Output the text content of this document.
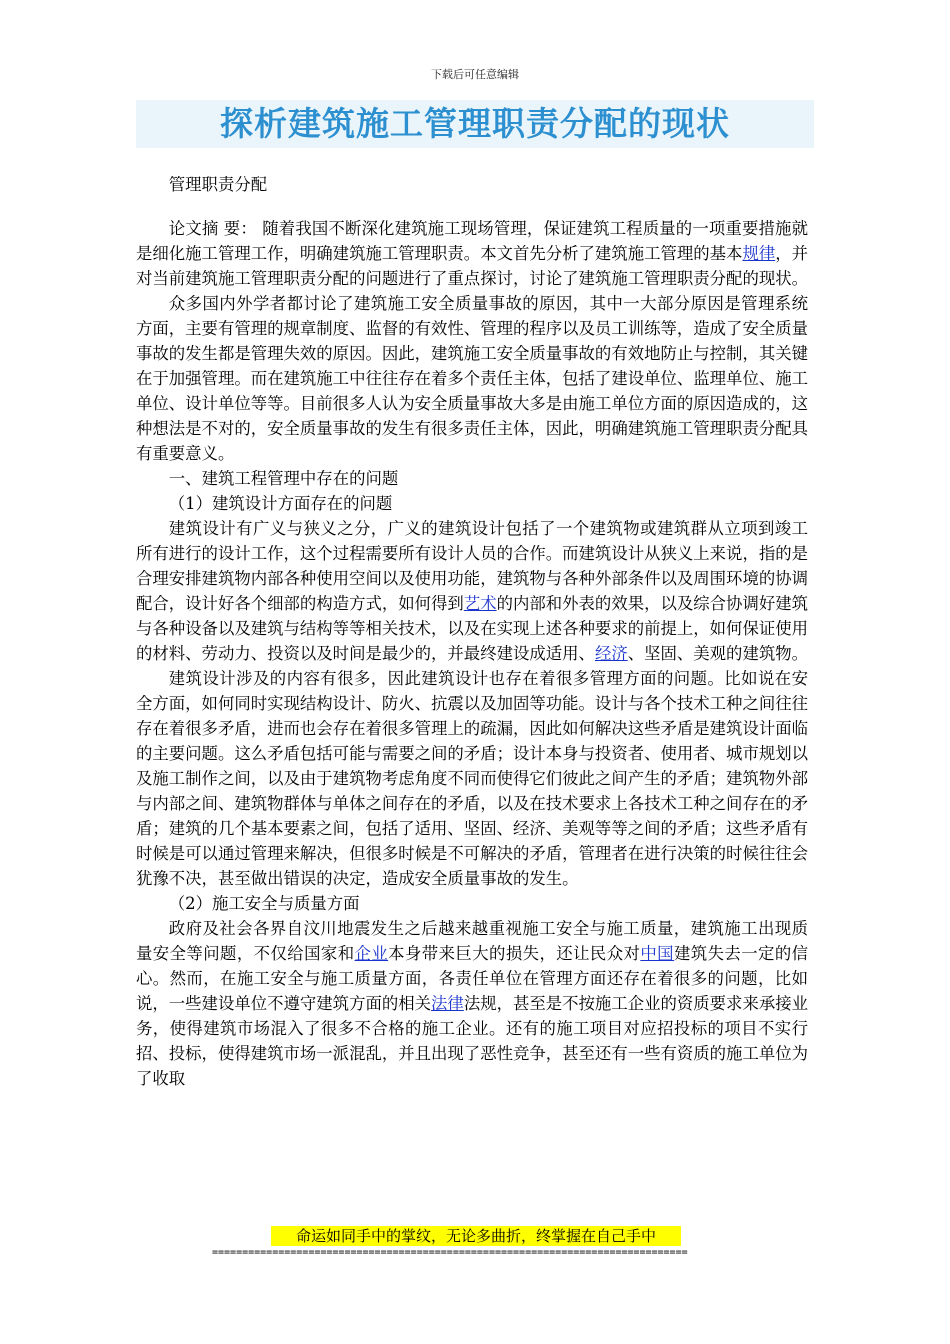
下载后可任意编辑
探析建筑施工管理职责分配的现状

管理职责分配

论文摘 要： 随着我国不断深化建筑施工现场管理，保证建筑工程质量的一项重要措施就是细化施工管理工作，明确建筑施工管理职责。本文首先分析了建筑施工管理的基本规律，并对当前建筑施工管理职责分配的问题进行了重点探讨，讨论了建筑施工管理职责分配的现状。

众多国内外学者都讨论了建筑施工安全质量事故的原因，其中一大部分原因是管理系统方面，主要有管理的规章制度、监督的有效性、管理的程序以及员工训练等，造成了安全质量事故的发生都是管理失效的原因。因此，建筑施工安全质量事故的有效地防止与控制，其关键在于加强管理。而在建筑施工中往往存在着多个责任主体，包括了建设单位、监理单位、施工单位、设计单位等等。目前很多人认为安全质量事故大多是由施工单位方面的原因造成的，这种想法是不对的，安全质量事故的发生有很多责任主体，因此，明确建筑施工管理职责分配具有重要意义。

一、建筑工程管理中存在的问题

（1）建筑设计方面存在的问题

建筑设计有广义与狭义之分，广义的建筑设计包括了一个建筑物或建筑群从立项到竣工所有进行的设计工作，这个过程需要所有设计人员的合作。而建筑设计从狭义上来说，指的是合理安排建筑物内部各种使用空间以及使用功能，建筑物与各种外部条件以及周围环境的协调配合，设计好各个细部的构造方式，如何得到艺术的内部和外表的效果，以及综合协调好建筑与各种设备以及建筑与结构等等相关技术，以及在实现上述各种要求的前提上，如何保证使用的材料、劳动力、投资以及时间是最少的，并最终建设成适用、经济、坚固、美观的建筑物。

建筑设计涉及的内容有很多，因此建筑设计也存在着很多管理方面的问题。比如说在安全方面，如何同时实现结构设计、防火、抗震以及加固等功能。设计与各个技术工种之间往往存在着很多矛盾，进而也会存在着很多管理上的疏漏，因此如何解决这些矛盾是建筑设计面临的主要问题。这么矛盾包括可能与需要之间的矛盾；设计本身与投资者、使用者、城市规划以及施工制作之间，以及由于建筑物考虑角度不同而使得它们彼此之间产生的矛盾；建筑物外部与内部之间、建筑物群体与单体之间存在的矛盾，以及在技术要求上各技术工种之间存在的矛盾；建筑的几个基本要素之间，包括了适用、坚固、经济、美观等等之间的矛盾；这些矛盾有时候是可以通过管理来解决，但很多时候是不可解决的矛盾，管理者在进行决策的时候往往会犹豫不决，甚至做出错误的决定，造成安全质量事故的发生。

（2）施工安全与质量方面

政府及社会各界自汶川地震发生之后越来越重视施工安全与施工质量，建筑施工出现质量安全等问题，不仅给国家和企业本身带来巨大的损失，还让民众对中国建筑失去一定的信心。然而，在施工安全与施工质量方面，各责任单位在管理方面还存在着很多的问题，比如说，一些建设单位不遵守建筑方面的相关法律法规，甚至是不按施工企业的资质要求来承接业务，使得建筑市场混入了很多不合格的施工企业。还有的施工项目对应招投标的项目不实行招、投标，使得建筑市场一派混乱，并且出现了恶性竞争，甚至还有一些有资质的施工单位为了收取

命运如同手中的掌纹，无论多曲折，终掌握在自己手中
===============================================================================
